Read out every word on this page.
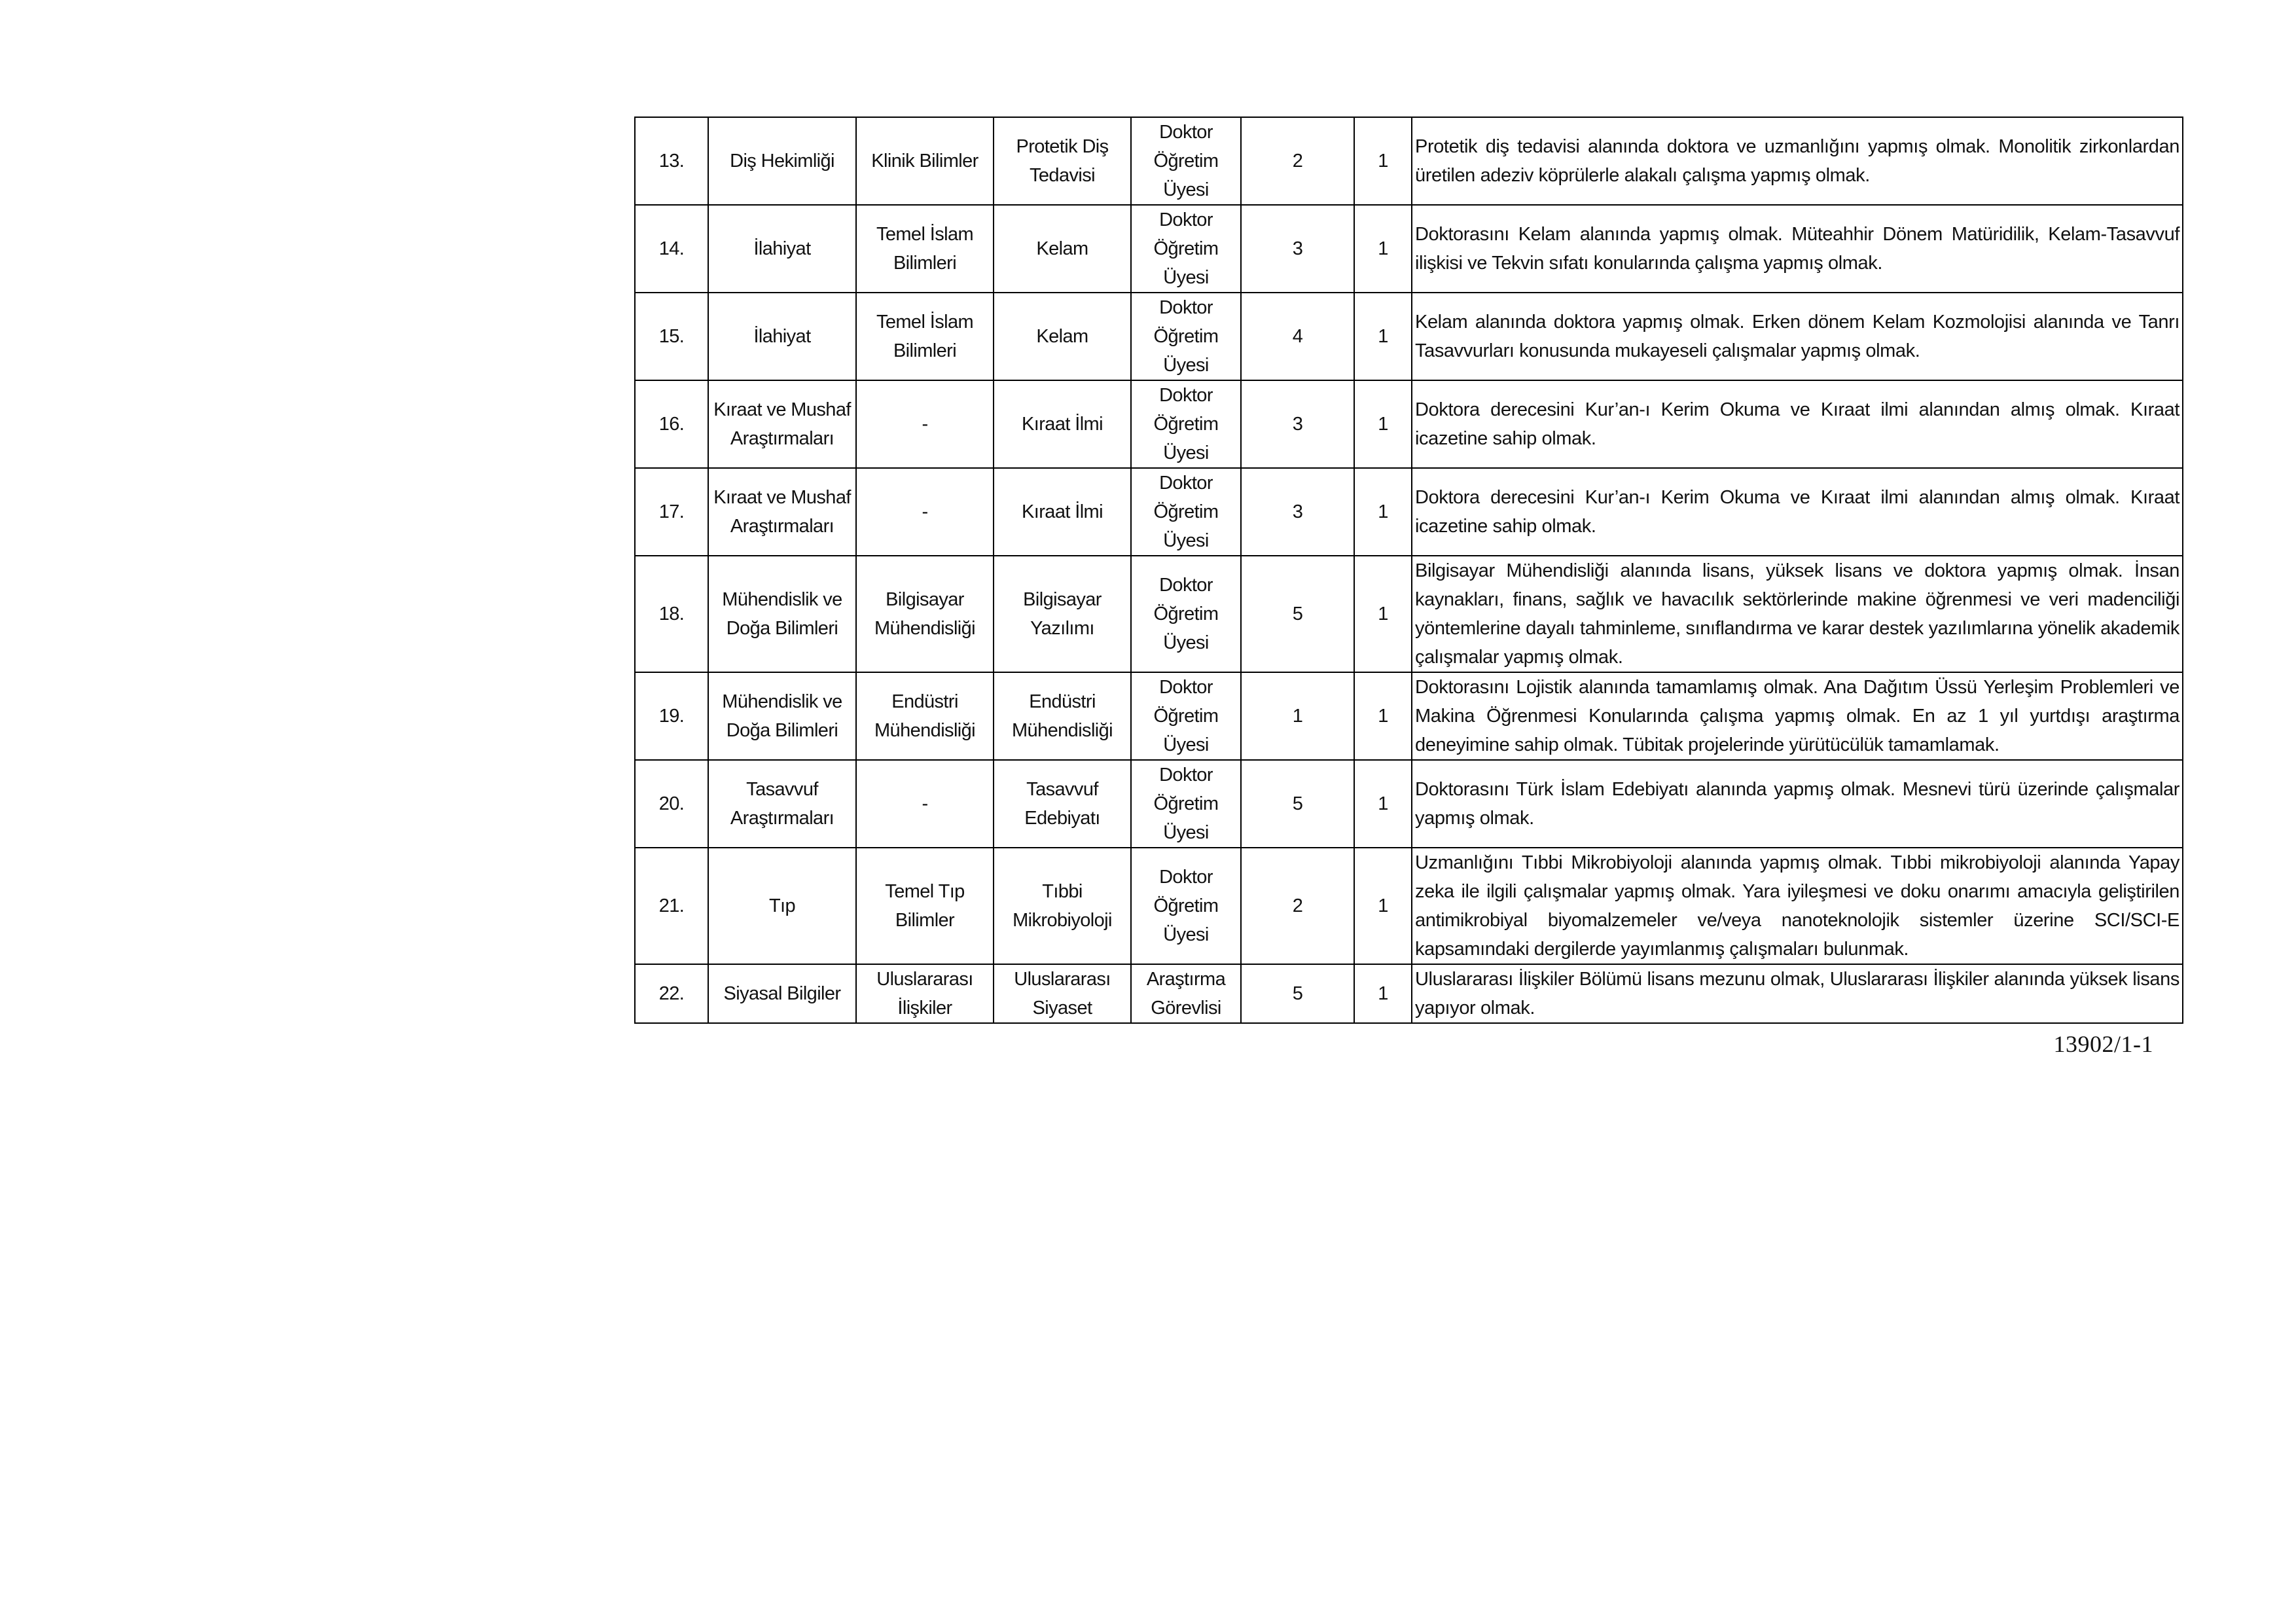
13.	Diş Hekimliği	Klinik Bilimler	Protetik Diş Tedavisi	Doktor Öğretim Üyesi	2	1	Protetik diş tedavisi alanında doktora ve uzmanlığını yapmış olmak. Monolitik zirkonlardan üretilen adeziv köprülerle alakalı çalışma yapmış olmak.
14.	İlahiyat	Temel İslam Bilimleri	Kelam	Doktor Öğretim Üyesi	3	1	Doktorasını Kelam alanında yapmış olmak. Müteahhir Dönem Matüridilik, Kelam-Tasavvuf ilişkisi ve Tekvin sıfatı konularında çalışma yapmış olmak.
15.	İlahiyat	Temel İslam Bilimleri	Kelam	Doktor Öğretim Üyesi	4	1	Kelam alanında doktora yapmış olmak. Erken dönem Kelam Kozmolojisi alanında ve Tanrı Tasavvurları konusunda mukayeseli çalışmalar yapmış olmak.
16.	Kıraat ve Mushaf Araştırmaları	-	Kıraat İlmi	Doktor Öğretim Üyesi	3	1	Doktora derecesini Kur’an-ı Kerim Okuma ve Kıraat ilmi alanından almış olmak. Kıraat icazetine sahip olmak.
17.	Kıraat ve Mushaf Araştırmaları	-	Kıraat İlmi	Doktor Öğretim Üyesi	3	1	Doktora derecesini Kur’an-ı Kerim Okuma ve Kıraat ilmi alanından almış olmak. Kıraat icazetine sahip olmak.
18.	Mühendislik ve Doğa Bilimleri	Bilgisayar Mühendisliği	Bilgisayar Yazılımı	Doktor Öğretim Üyesi	5	1	Bilgisayar Mühendisliği alanında lisans, yüksek lisans ve doktora yapmış olmak. İnsan kaynakları, finans, sağlık ve havacılık sektörlerinde makine öğrenmesi ve veri madenciliği yöntemlerine dayalı tahminleme, sınıflandırma ve karar destek yazılımlarına yönelik akademik çalışmalar yapmış olmak.
19.	Mühendislik ve Doğa Bilimleri	Endüstri Mühendisliği	Endüstri Mühendisliği	Doktor Öğretim Üyesi	1	1	Doktorasını Lojistik alanında tamamlamış olmak. Ana Dağıtım Üssü Yerleşim Problemleri ve Makina Öğrenmesi Konularında çalışma yapmış olmak. En az 1 yıl yurtdışı araştırma deneyimine sahip olmak. Tübitak projelerinde yürütücülük tamamlamak.
20.	Tasavvuf Araştırmaları	-	Tasavvuf Edebiyatı	Doktor Öğretim Üyesi	5	1	Doktorasını Türk İslam Edebiyatı alanında yapmış olmak. Mesnevi türü üzerinde çalışmalar yapmış olmak.
21.	Tıp	Temel Tıp Bilimler	Tıbbi Mikrobiyoloji	Doktor Öğretim Üyesi	2	1	Uzmanlığını Tıbbi Mikrobiyoloji alanında yapmış olmak. Tıbbi mikrobiyoloji alanında Yapay zeka ile ilgili çalışmalar yapmış olmak. Yara iyileşmesi ve doku onarımı amacıyla geliştirilen antimikrobiyal biyomalzemeler ve/veya nanoteknolojik sistemler üzerine SCI/SCI-E kapsamındaki dergilerde yayımlanmış çalışmaları bulunmak.
22.	Siyasal Bilgiler	Uluslararası İlişkiler	Uluslararası Siyaset	Araştırma Görevlisi	5	1	Uluslararası İlişkiler Bölümü lisans mezunu olmak, Uluslararası İlişkiler alanında yüksek lisans yapıyor olmak.
13902/1-1
